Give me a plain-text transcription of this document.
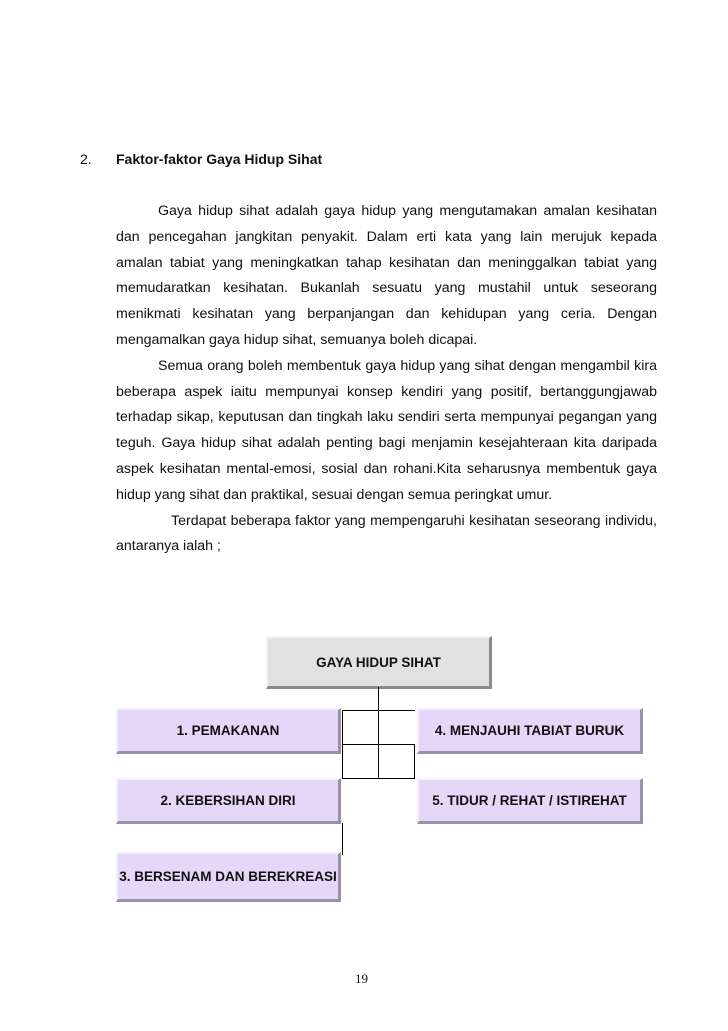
2. Faktor-faktor Gaya Hidup Sihat

Gaya hidup sihat adalah gaya hidup yang mengutamakan amalan kesihatan dan pencegahan jangkitan penyakit. Dalam erti kata yang lain merujuk kepada amalan tabiat yang meningkatkan tahap kesihatan dan meninggalkan tabiat yang memudaratkan kesihatan. Bukanlah sesuatu yang mustahil untuk seseorang menikmati kesihatan yang berpanjangan dan kehidupan yang ceria. Dengan mengamalkan gaya hidup sihat, semuanya boleh dicapai.

Semua orang boleh membentuk gaya hidup yang sihat dengan mengambil kira beberapa aspek iaitu mempunyai konsep kendiri yang positif, bertanggungjawab terhadap sikap, keputusan dan tingkah laku sendiri serta mempunyai pegangan yang teguh. Gaya hidup sihat adalah penting bagi menjamin kesejahteraan kita daripada aspek kesihatan mental-emosi, sosial dan rohani.Kita seharusnya membentuk gaya hidup yang sihat dan praktikal, sesuai dengan semua peringkat umur.

Terdapat beberapa faktor yang mempengaruhi kesihatan seseorang individu, antaranya ialah ;

GAYA HIDUP SIHAT
1. PEMAKANAN
2. KEBERSIHAN DIRI
3. BERSENAM DAN BEREKREASI
4. MENJAUHI TABIAT BURUK
5. TIDUR / REHAT / ISTIREHAT
19
